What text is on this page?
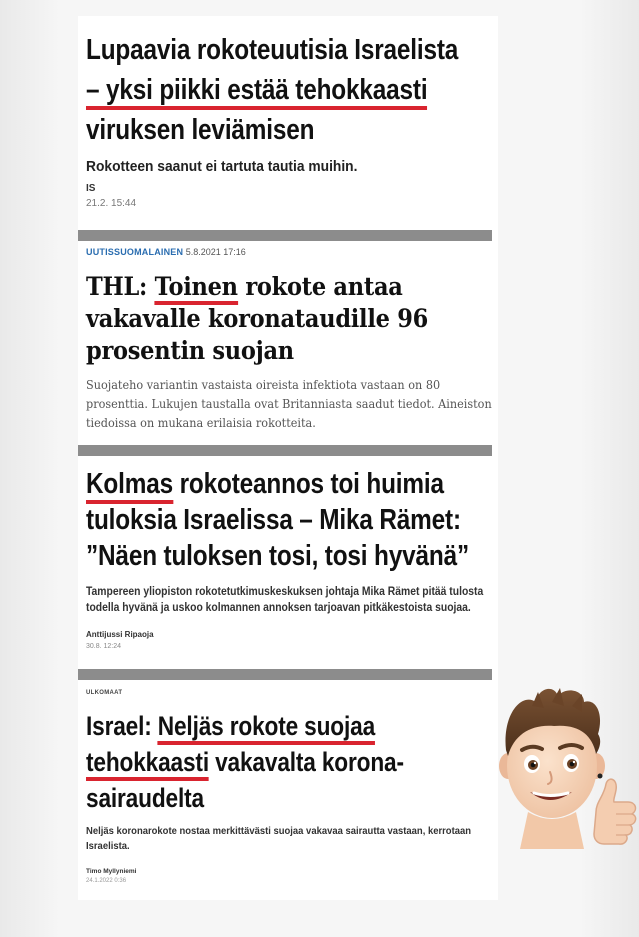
Lupaavia rokoteuutisia Israelista
– yksi piikki estää tehokkaasti
viruksen leviämisen
Rokotteen saanut ei tartuta tautia muihin.
IS
21.2. 15:44
UUTISSUOMALAINEN 5.8.2021 17:16
THL: Toinen rokote antaa vakavalle koronataudille 96 prosentin suojan
Suojateho variantin vastaista oireista infektiota vastaan on 80 prosenttia. Lukujen taustalla ovat Britanniasta saadut tiedot. Aineiston tiedoissa on mukana erilaisia rokotteita.
Kolmas rokoteannos toi huimia tuloksia Israelissa – Mika Rämet: ”Näen tuloksen tosi, tosi hyvänä”
Tampereen yliopiston rokotetutkimuskeskuksen johtaja Mika Rämet pitää tulosta todella hyvänä ja uskoo kolmannen annoksen tarjoavan pitkäkestoista suojaa.
Anttijussi Ripaoja
30.8. 12:24
ULKOMAAT
Israel: Neljäs rokote suojaa
tehokkaasti vakavalta korona-sairaudelta
Neljäs koronarokote nostaa merkittävästi suojaa vakavaa sairautta vastaan, kerrotaan Israelista.
Timo Myllyniemi
24.1.2022 0:36
